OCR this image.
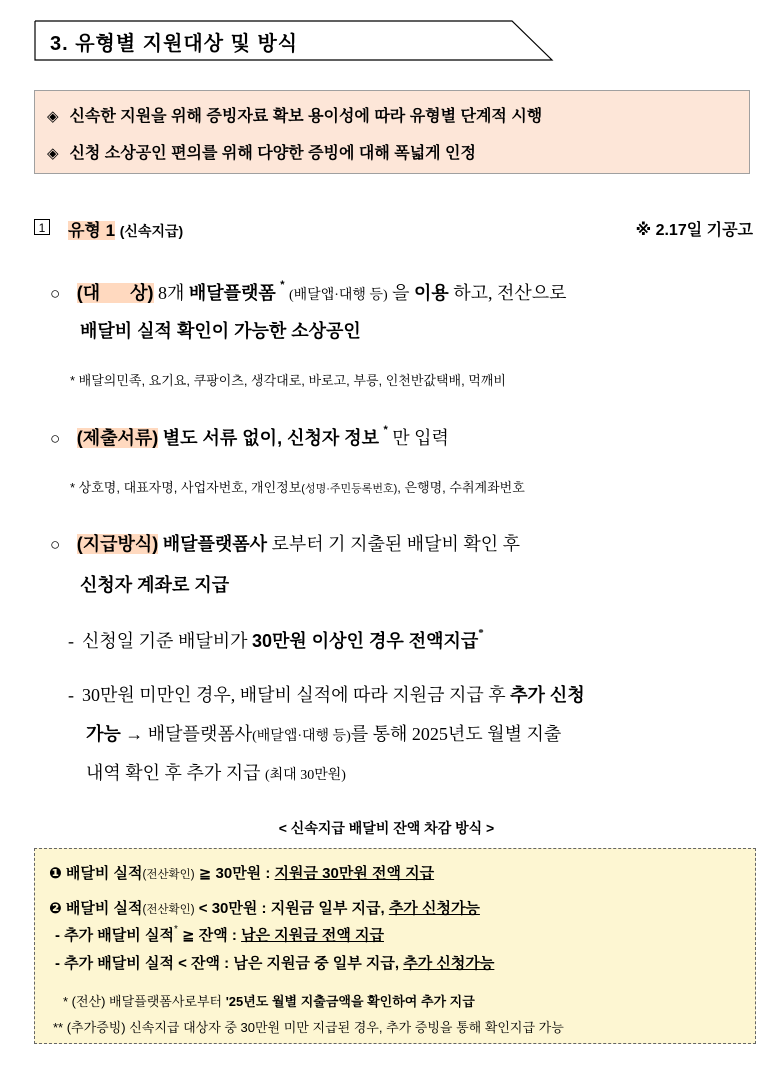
3. 유형별 지원대상 및 방식
◈ 신속한 지원을 위해 증빙자료 확보 용이성에 따라 유형별 단계적 시행
◈ 신청 소상공인 편의를 위해 다양한 증빙에 대해 폭넓게 인정
1 유형 1 (신속지급)	※ 2.17일 기공고
○ (대      상) 8개 배달플랫폼 * (배달앱·대행 등) 을 이용 하고, 전산으로
배달비 실적 확인이 가능한 소상공인
* 배달의민족, 요기요, 쿠팡이츠, 생각대로, 바로고, 부릉, 인천반값택배, 먹깨비
○ (제출서류) 별도 서류 없이, 신청자 정보 * 만 입력
* 상호명, 대표자명, 사업자번호, 개인정보(성명·주민등록번호), 은행명, 수취계좌번호
○ (지급방식) 배달플랫폼사 로부터 기 지출된 배달비 확인 후
신청자 계좌로 지급
- 신청일 기준 배달비가 30만원 이상인 경우 전액지급*
- 30만원 미만인 경우, 배달비 실적에 따라 지원금 지급 후 추가 신청
가능 → 배달플랫폼사(배달앱·대행 등)를 통해 2025년도 월별 지출
내역 확인 후 추가 지급 (최대 30만원)
< 신속지급 배달비 잔액 차감 방식 >
❶ 배달비 실적(전산확인) ≧ 30만원 : 지원금 30만원 전액 지급
❷ 배달비 실적(전산확인) < 30만원 : 지원금 일부 지급, 추가 신청가능
- 추가 배달비 실적* ≧ 잔액 : 남은 지원금 전액 지급
- 추가 배달비 실적 < 잔액 : 남은 지원금 중 일부 지급, 추가 신청가능
* (전산) 배달플랫폼사로부터 '25년도 월별 지출금액을 확인하여 추가 지급
** (추가증빙) 신속지급 대상자 중 30만원 미만 지급된 경우, 추가 증빙을 통해 확인지급 가능
